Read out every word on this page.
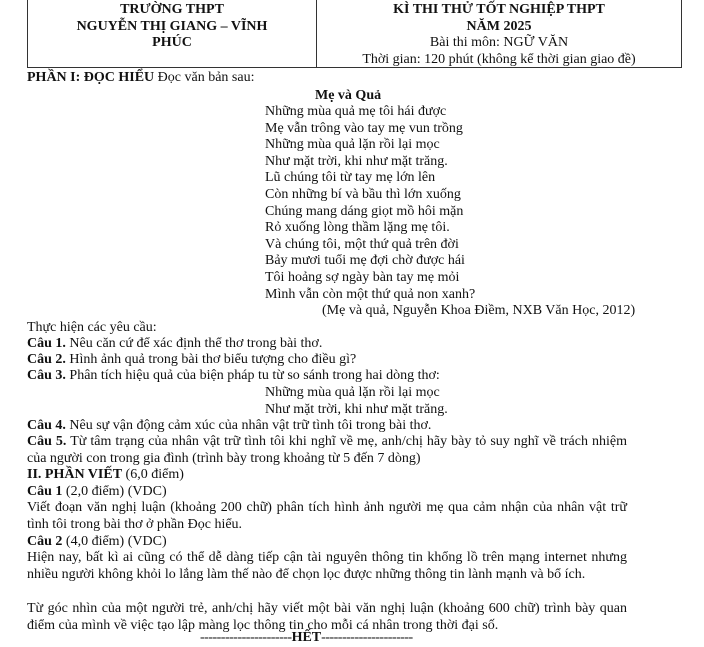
TRƯỜNG THPT
NGUYỄN THỊ GIANG – VĨNH
PHÚC
KÌ THI THỬ TỐT NGHIỆP THPT
NĂM 2025
Bài thi môn: NGỮ VĂN
Thời gian: 120 phút (không kể thời gian giao đề)
PHẦN I: ĐỌC HIỂU Đọc văn bản sau:
Mẹ và Quả
Những mùa quả mẹ tôi hái được
Mẹ vẫn trông vào tay mẹ vun trồng
Những mùa quả lặn rồi lại mọc
Như mặt trời, khi như mặt trăng.
Lũ chúng tôi từ tay mẹ lớn lên
Còn những bí và bầu thì lớn xuống
Chúng mang dáng giọt mồ hôi mặn
Rỏ xuống lòng thầm lặng mẹ tôi.
Và chúng tôi, một thứ quả trên đời
Bảy mươi tuổi mẹ đợi chờ được hái
Tôi hoảng sợ ngày bàn tay mẹ mỏi
Mình vẫn còn một thứ quả non xanh?
(Mẹ và quả, Nguyễn Khoa Điềm, NXB Văn Học, 2012)
Thực hiện các yêu cầu:
Câu 1. Nêu căn cứ để xác định thể thơ trong bài thơ.
Câu 2. Hình ảnh quả trong bài thơ biểu tượng cho điều gì?
Câu 3. Phân tích hiệu quả của biện pháp tu từ so sánh trong hai dòng thơ:
Những mùa quả lặn rồi lại mọc
Như mặt trời, khi như mặt trăng.
Câu 4. Nêu sự vận động cảm xúc của nhân vật trữ tình tôi trong bài thơ.
Câu 5. Từ tâm trạng của nhân vật trữ tình tôi khi nghĩ về mẹ, anh/chị hãy bày tỏ suy nghĩ về trách nhiệm của người con trong gia đình (trình bày trong khoảng từ 5 đến 7 dòng)
II. PHẦN VIẾT (6,0 điểm)
Câu 1 (2,0 điểm) (VDC)
Viết đoạn văn nghị luận (khoảng 200 chữ) phân tích hình ảnh người mẹ qua cảm nhận của nhân vật trữ tình tôi trong bài thơ ở phần Đọc hiểu.
Câu 2 (4,0 điểm) (VDC)
Hiện nay, bất kì ai cũng có thể dễ dàng tiếp cận tài nguyên thông tin khổng lồ trên mạng internet nhưng nhiều người không khỏi lo lắng làm thế nào để chọn lọc được những thông tin lành mạnh và bổ ích.
Từ góc nhìn của một người trẻ, anh/chị hãy viết một bài văn nghị luận (khoảng 600 chữ) trình bày quan điểm của mình về việc tạo lập màng lọc thông tin cho mỗi cá nhân trong thời đại số.
----------------------HẾT----------------------
